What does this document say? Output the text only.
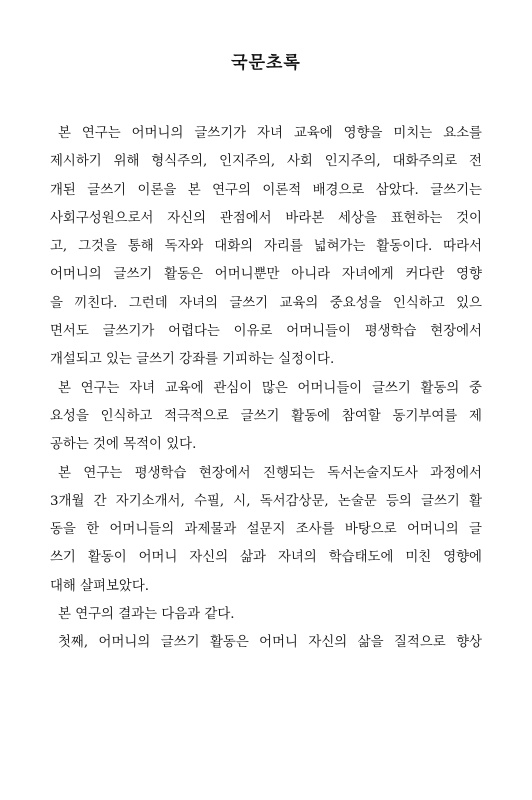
국문초록
본 연구는 어머니의 글쓰기가 자녀 교육에 영향을 미치는 요소를
제시하기 위해 형식주의, 인지주의, 사회 인지주의, 대화주의로 전
개된 글쓰기 이론을 본 연구의 이론적 배경으로 삼았다. 글쓰기는
사회구성원으로서 자신의 관점에서 바라본 세상을 표현하는 것이
고, 그것을 통해 독자와 대화의 자리를 넓혀가는 활동이다. 따라서
어머니의 글쓰기 활동은 어머니뿐만 아니라 자녀에게 커다란 영향
을 끼친다. 그런데 자녀의 글쓰기 교육의 중요성을 인식하고 있으
면서도 글쓰기가 어렵다는 이유로 어머니들이 평생학습 현장에서
개설되고 있는 글쓰기 강좌를 기피하는 실정이다.
본 연구는 자녀 교육에 관심이 많은 어머니들이 글쓰기 활동의 중
요성을 인식하고 적극적으로 글쓰기 활동에 참여할 동기부여를 제
공하는 것에 목적이 있다.
본 연구는 평생학습 현장에서 진행되는 독서논술지도사 과정에서
3개월 간 자기소개서, 수필, 시, 독서감상문, 논술문 등의 글쓰기 활
동을 한 어머니들의 과제물과 설문지 조사를 바탕으로 어머니의 글
쓰기 활동이 어머니 자신의 삶과 자녀의 학습태도에 미친 영향에
대해 살펴보았다.
본 연구의 결과는 다음과 같다.
첫째, 어머니의 글쓰기 활동은 어머니 자신의 삶을 질적으로 향상
